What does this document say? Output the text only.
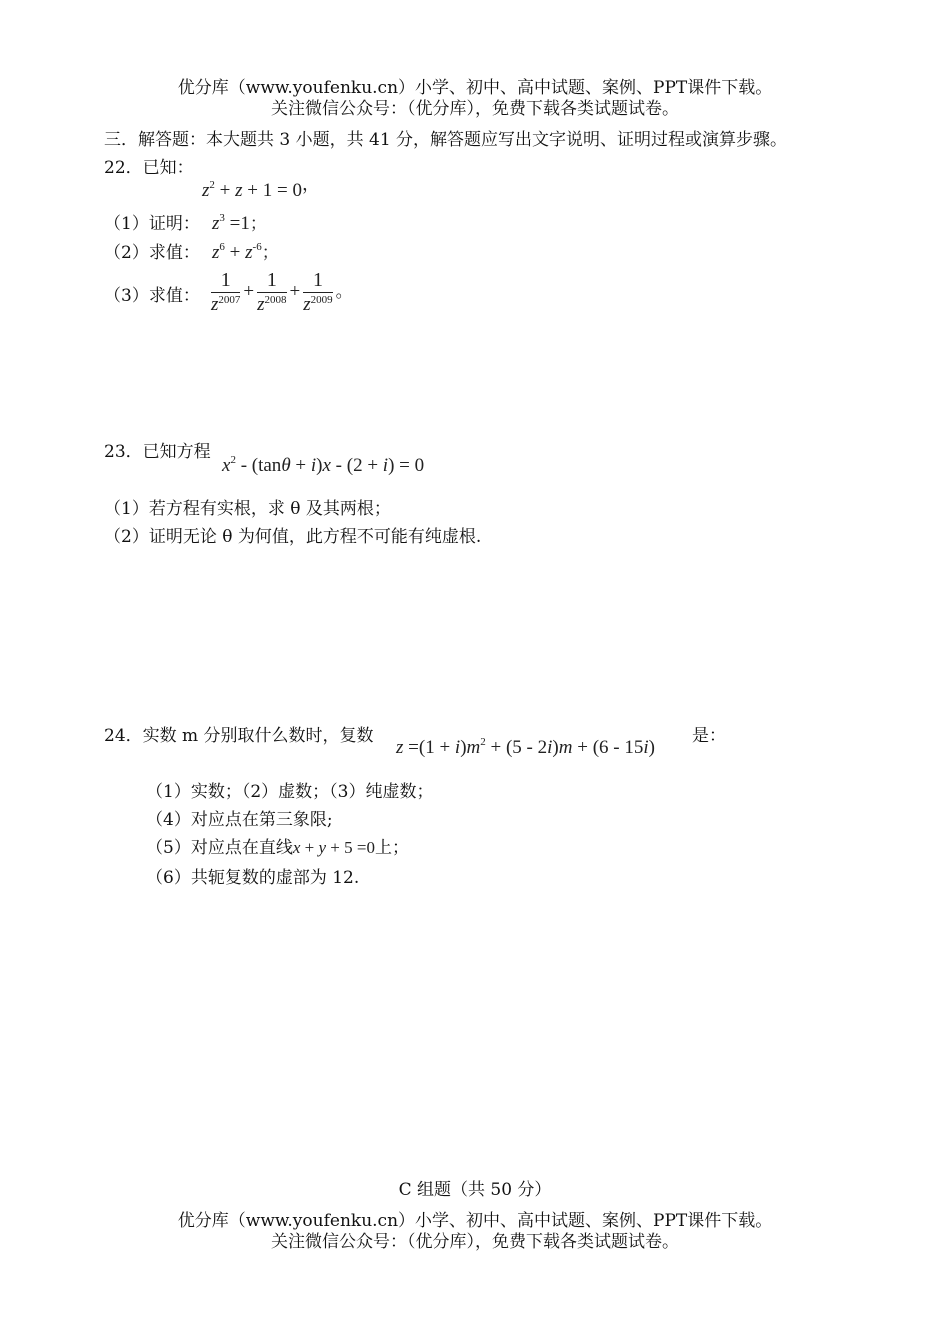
优分库（www.youfenku.cn）小学、初中、高中试题、案例、PPT课件下载。
关注微信公众号：（优分库），免费下载各类试题试卷。
三．解答题：本大题共 3 小题，共 41 分，解答题应写出文字说明、证明过程或演算步骤。
22．已知：
$z^2 + z + 1 = 0$，
（1）证明： $z^3 =1$；
（2）求值： $z^6 + z^{-6}$；
（3）求值： $\frac{1}{z^{2007}} + \frac{1}{z^{2008}} + \frac{1}{z^{2009}}$ 。
23．已知方程
$x^2 - (\tan\theta + i)x - (2 + i) = 0$
（1）若方程有实根，求 θ 及其两根；
（2）证明无论 θ 为何值，此方程不可能有纯虚根.
24．实数 m 分别取什么数时，复数
$z =(1 + i)m^2 + (5 - 2i)m + (6 - 15i)$
是：
（1）实数；（2）虚数；（3）纯虚数；
（4）对应点在第三象限;
（5）对应点在直线x + y + 5 =0上；
（6）共轭复数的虚部为 12.
C 组题（共 50 分）
优分库（www.youfenku.cn）小学、初中、高中试题、案例、PPT课件下载。
关注微信公众号：（优分库），免费下载各类试题试卷。
